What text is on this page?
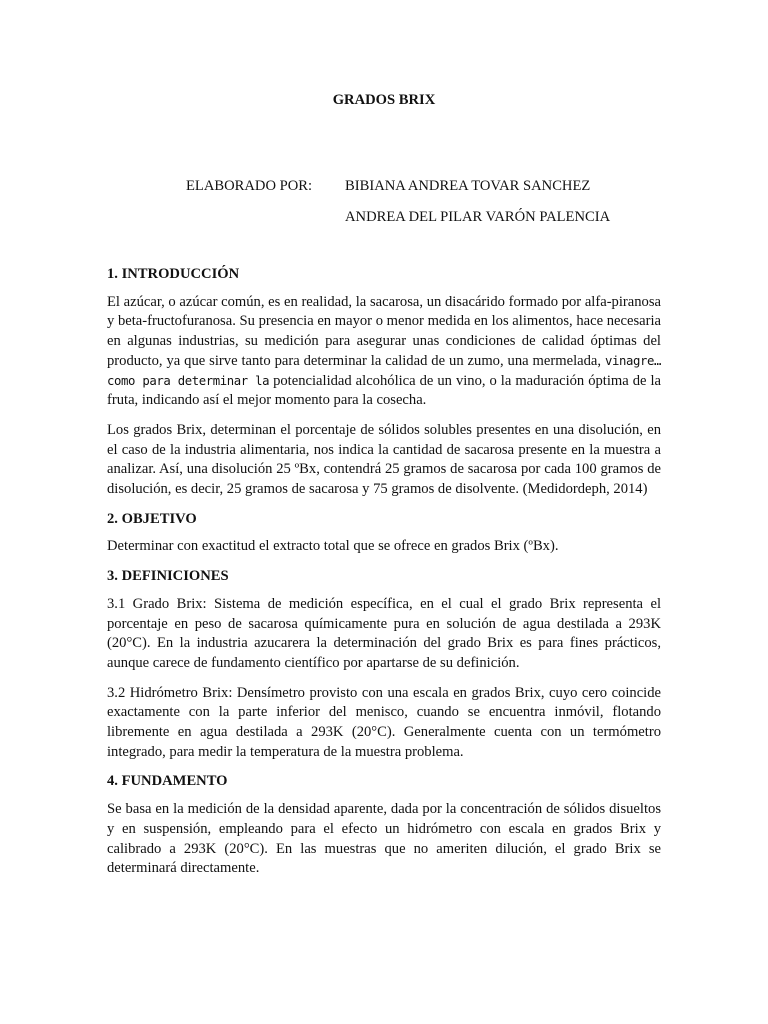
GRADOS BRIX
ELABORADO POR: BIBIANA ANDREA TOVAR SANCHEZ
ANDREA DEL PILAR VARÓN PALENCIA
1. INTRODUCCIÓN

El azúcar, o azúcar común, es en realidad, la sacarosa, un disacárido formado por alfa-piranosa y beta-fructofuranosa. Su presencia en mayor o menor medida en los alimentos, hace necesaria en algunas industrias, su medición para asegurar unas condiciones de calidad óptimas del producto, ya que sirve tanto para determinar la calidad de un zumo, una mermelada, vinagre… como para determinar la potencialidad alcohólica de un vino, o la maduración óptima de la fruta, indicando así el mejor momento para la cosecha.

Los grados Brix, determinan el porcentaje de sólidos solubles presentes en una disolución, en el caso de la industria alimentaria, nos indica la cantidad de sacarosa presente en la muestra a analizar. Así, una disolución 25 ºBx, contendrá 25 gramos de sacarosa por cada 100 gramos de disolución, es decir, 25 gramos de sacarosa y 75 gramos de disolvente. (Medidordeph, 2014)

2. OBJETIVO

Determinar con exactitud el extracto total que se ofrece en grados Brix (ºBx).

3. DEFINICIONES

3.1 Grado Brix: Sistema de medición específica, en el cual el grado Brix representa el porcentaje en peso de sacarosa químicamente pura en solución de agua destilada a 293K (20°C). En la industria azucarera la determinación del grado Brix es para fines prácticos, aunque carece de fundamento científico por apartarse de su definición.

3.2 Hidrómetro Brix: Densímetro provisto con una escala en grados Brix, cuyo cero coincide exactamente con la parte inferior del menisco, cuando se encuentra inmóvil, flotando libremente en agua destilada a 293K (20°C). Generalmente cuenta con un termómetro integrado, para medir la temperatura de la muestra problema.

4. FUNDAMENTO

Se basa en la medición de la densidad aparente, dada por la concentración de sólidos disueltos y en suspensión, empleando para el efecto un hidrómetro con escala en grados Brix y calibrado a 293K (20°C). En las muestras que no ameriten dilución, el grado Brix se determinará directamente.
